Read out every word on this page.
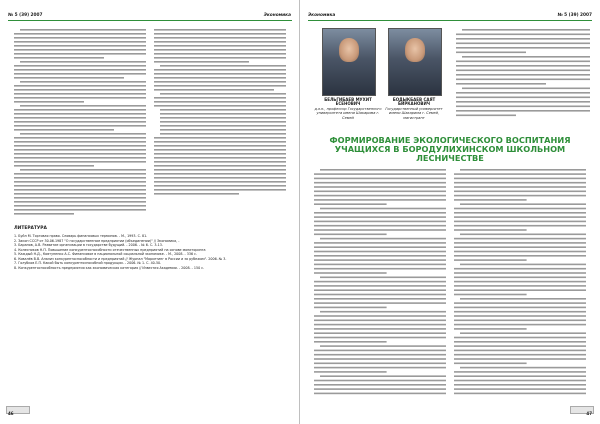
№ 5 (39) 2007	Экономика
ЛИТЕРАТУРА
1. Буйл М. Торговая право. Словарь финансовых терминов. - М., 1993. С. 81.
2. Закон СССР от 30.06.1987 "О государственном предприятии (объединении)" // Экономика, -
3. Баранов, А.В. Развитие организации в государстве будущий. - 2006. - № 6. С. 3-13.
4. Колесников Н.П. Повышение конкурентоспособности отечественных предприятий на основе мониторинга
5. Каждый Н.Д., Ковтуненко А.С. Финансовое в национальной социальной экономике. - М., 2008. - 336 с.
6. Ковалёв В.В. Анализ конкурентоспособности и предприятий // Журнал "Маркетинг в России и за рубежом". 2006. № 3.
7. Голубков Е.П. Какой быть конкурентоспособной продукции. - 2006. № 1. С. 40-50.
8. Конкурентоспособность предприятия как экономическая категория // Известия Академии. - 2008. - 150 с.
46
Экономика	№ 5 (39) 2007
БЕЛЬГИБАЕВ МУХИТ ЕСЕНОВИЧ
д.э.н., профессор Государственного университета имени Шакарима г. Семей
БОДЫКБАЕВ САЯТ БИРКАНОВИЧ
Государственный университет имени Шакарима г. Семей, магистрант
ФОРМИРОВАНИЕ ЭКОЛОГИЧЕСКОГО ВОСПИТАНИЯ УЧАЩИХСЯ В БОРОДУЛИХИНСКОМ ШКОЛЬНОМ ЛЕСНИЧЕСТВЕ
47
